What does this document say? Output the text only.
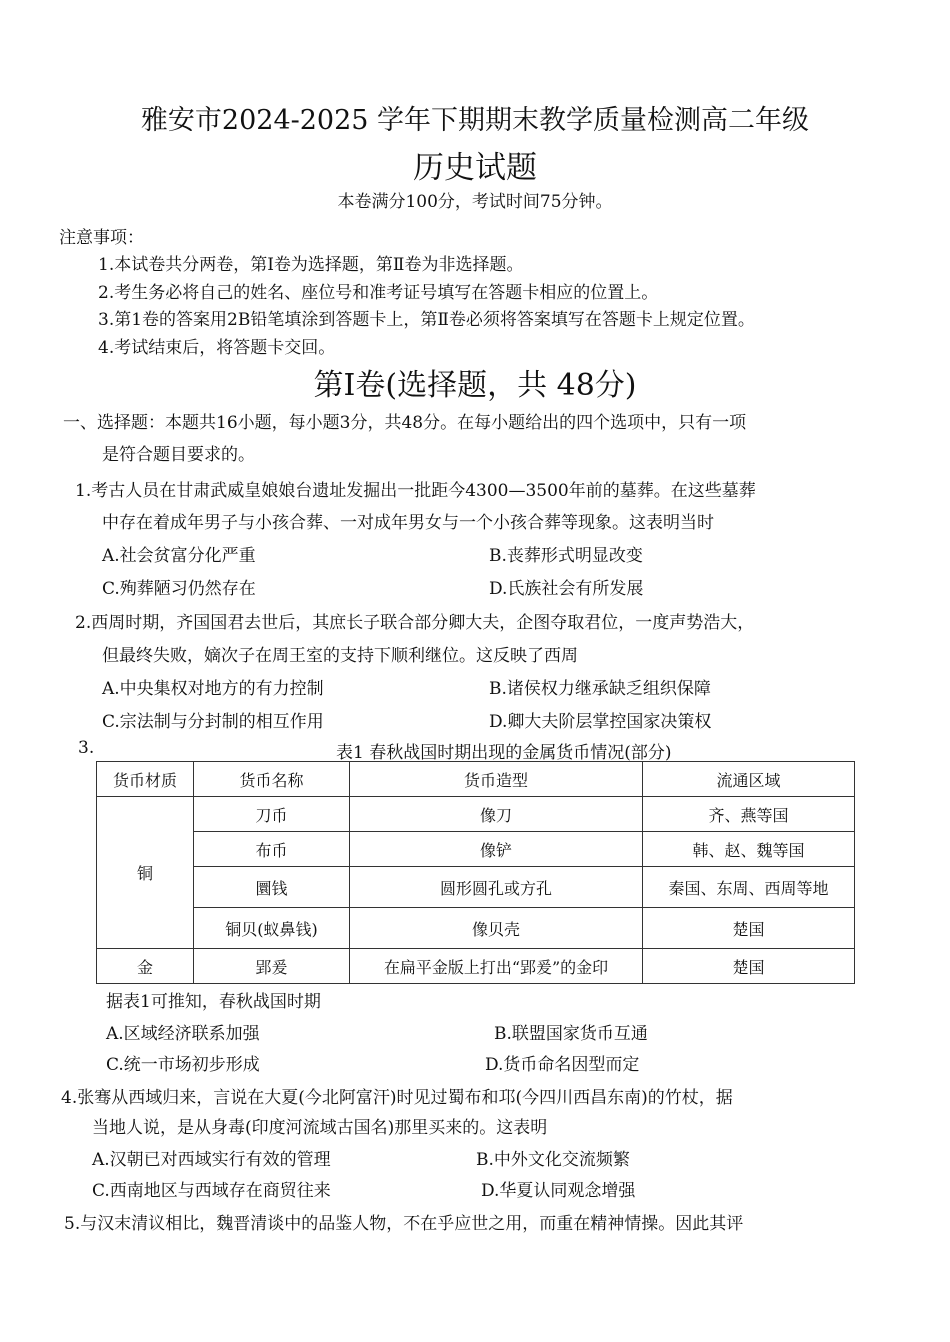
雅安市2024-2025 学年下期期末教学质量检测高二年级
历史试题
本卷满分100分，考试时间75分钟。
注意事项：
1.本试卷共分两卷，第Ⅰ卷为选择题，第Ⅱ卷为非选择题。
2.考生务必将自己的姓名、座位号和准考证号填写在答题卡相应的位置上。
3.第1卷的答案用2B铅笔填涂到答题卡上，第Ⅱ卷必须将答案填写在答题卡上规定位置。
4.考试结束后，将答题卡交回。
第Ⅰ卷(选择题，共 48分)
一、选择题：本题共16小题，每小题3分，共48分。在每小题给出的四个选项中，只有一项
是符合题目要求的。
1.考古人员在甘肃武威皇娘娘台遗址发掘出一批距今4300—3500年前的墓葬。在这些墓葬
中存在着成年男子与小孩合葬、一对成年男女与一个小孩合葬等现象。这表明当时
A.社会贫富分化严重	B.丧葬形式明显改变
C.殉葬陋习仍然存在	D.氏族社会有所发展
2.西周时期，齐国国君去世后，其庶长子联合部分卿大夫，企图夺取君位，一度声势浩大，
但最终失败，嫡次子在周王室的支持下顺利继位。这反映了西周
A.中央集权对地方的有力控制	B.诸侯权力继承缺乏组织保障
C.宗法制与分封制的相互作用	D.卿大夫阶层掌控国家决策权
3.	表1 春秋战国时期出现的金属货币情况(部分)
货币材质	货币名称	货币造型	流通区域
铜	刀币	像刀	齐、燕等国
	布币	像铲	韩、赵、魏等国
	圜钱	圆形圆孔或方孔	秦国、东周、西周等地
	铜贝(蚁鼻钱)	像贝壳	楚国
金	郢爰	在扁平金版上打出“郢爰”的金印	楚国
据表1可推知，春秋战国时期
A.区域经济联系加强	B.联盟国家货币互通
C.统一市场初步形成	D.货币命名因型而定
4.张骞从西域归来，言说在大夏(今北阿富汗)时见过蜀布和邛(今四川西昌东南)的竹杖，据
当地人说，是从身毒(印度河流域古国名)那里买来的。这表明
A.汉朝已对西域实行有效的管理	B.中外文化交流频繁
C.西南地区与西域存在商贸往来	D.华夏认同观念增强
5.与汉末清议相比，魏晋清谈中的品鉴人物，不在乎应世之用，而重在精神情操。因此其评
